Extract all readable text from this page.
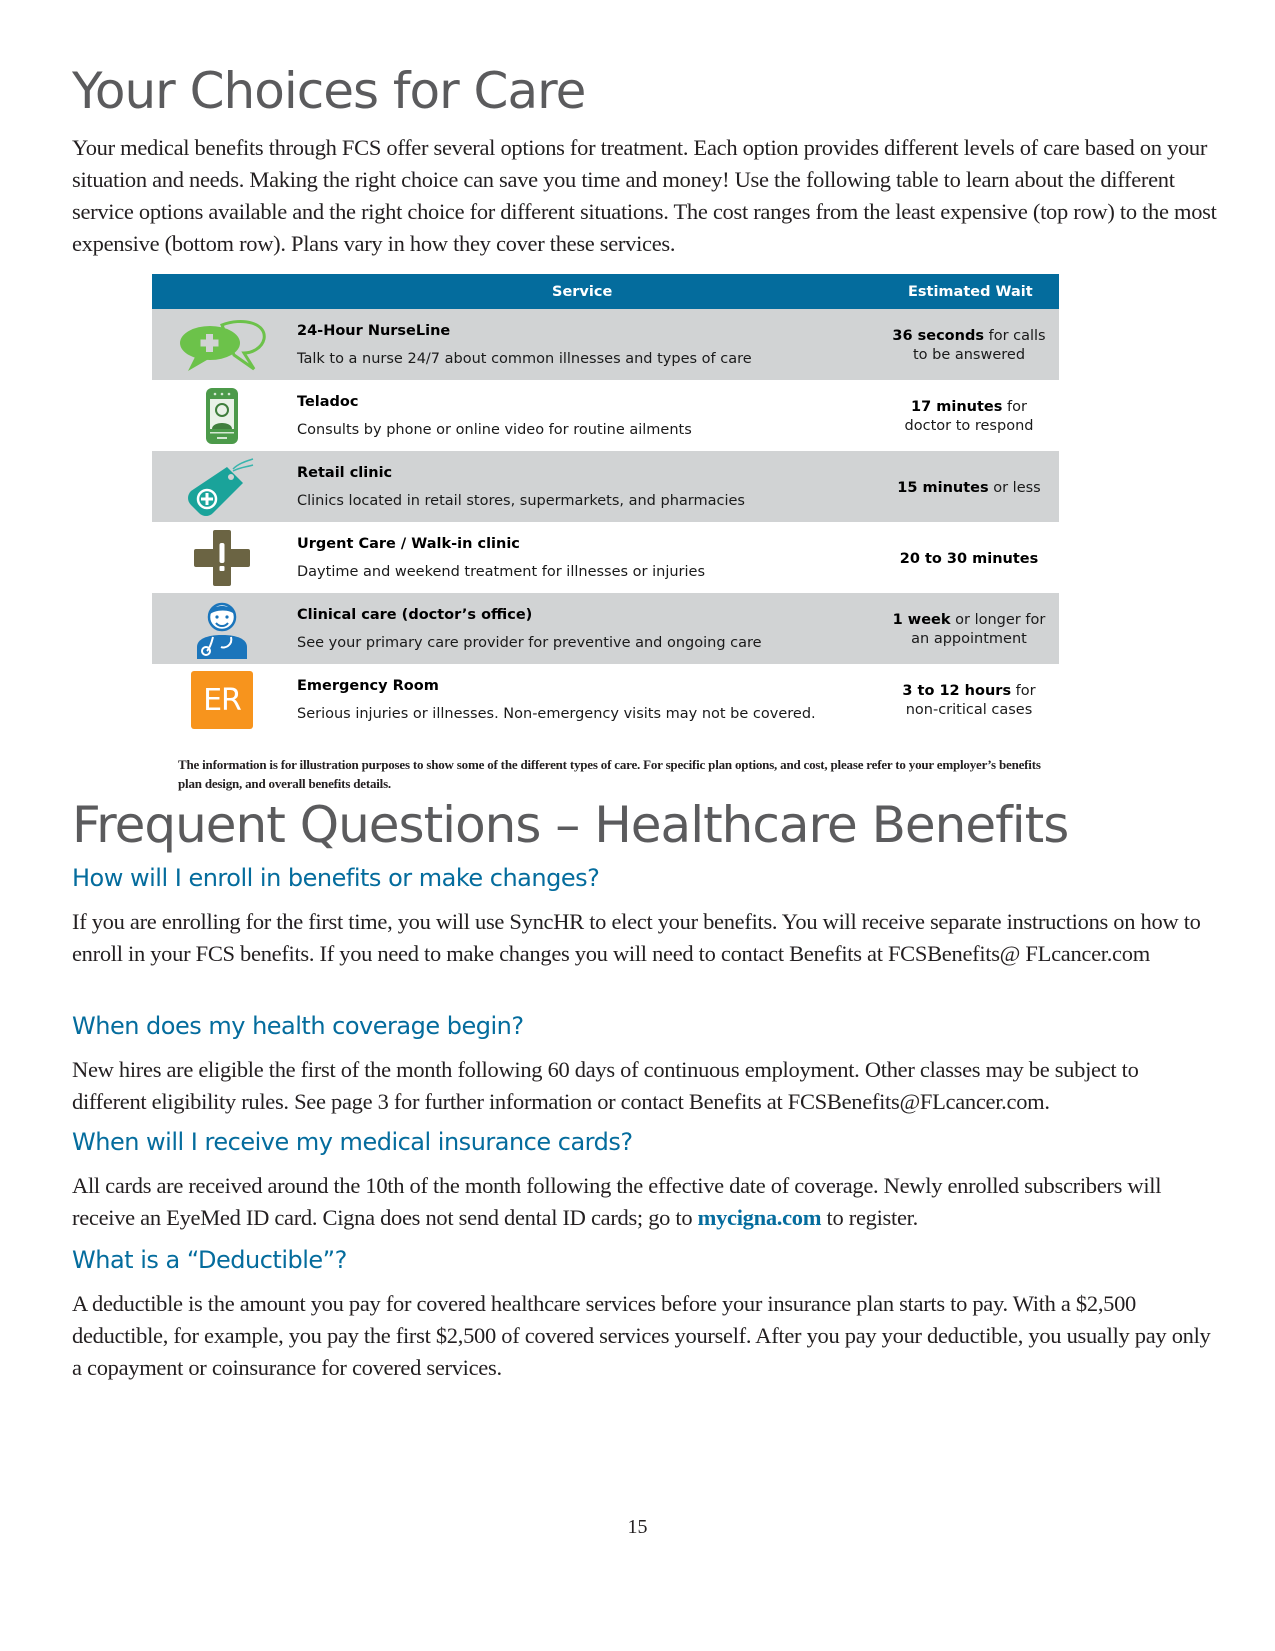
Your Choices for Care

Your medical benefits through FCS offer several options for treatment. Each option provides different levels of care based on your situation and needs. Making the right choice can save you time and money! Use the following table to learn about the different service options available and the right choice for different situations. The cost ranges from the least expensive (top row) to the most expensive (bottom row). Plans vary in how they cover these services.

Service	Estimated Wait
24-Hour NurseLine
Talk to a nurse 24/7 about common illnesses and types of care
36 seconds for calls
to be answered
Teladoc
Consults by phone or online video for routine ailments
17 minutes for
doctor to respond
Retail clinic
Clinics located in retail stores, supermarkets, and pharmacies
15 minutes or less
Urgent Care / Walk-in clinic
Daytime and weekend treatment for illnesses or injuries
20 to 30 minutes
Clinical care (doctor’s office)
See your primary care provider for preventive and ongoing care
1 week or longer for
an appointment
ER	Emergency Room
Serious injuries or illnesses. Non-emergency visits may not be covered.
3 to 12 hours for
non-critical cases

The information is for illustration purposes to show some of the different types of care. For specific plan options, and cost, please refer to your employer’s benefits plan design, and overall benefits details.

Frequent Questions – Healthcare Benefits
How will I enroll in benefits or make changes?

If you are enrolling for the first time, you will use SyncHR to elect your benefits. You will receive separate instructions on how to enroll in your FCS benefits. If you need to make changes you will need to contact Benefits at FCSBenefits@ FLcancer.com

When does my health coverage begin?

New hires are eligible the first of the month following 60 days of continuous employment. Other classes may be subject to different eligibility rules. See page 3 for further information or contact Benefits at FCSBenefits@FLcancer.com.

When will I receive my medical insurance cards?

All cards are received around the 10th of the month following the effective date of coverage. Newly enrolled subscribers will receive an EyeMed ID card. Cigna does not send dental ID cards; go to mycigna.com to register.

What is a “Deductible”?

A deductible is the amount you pay for covered healthcare services before your insurance plan starts to pay. With a $2,500 deductible, for example, you pay the first $2,500 of covered services yourself. After you pay your deductible, you usually pay only a copayment or coinsurance for covered services.

15
